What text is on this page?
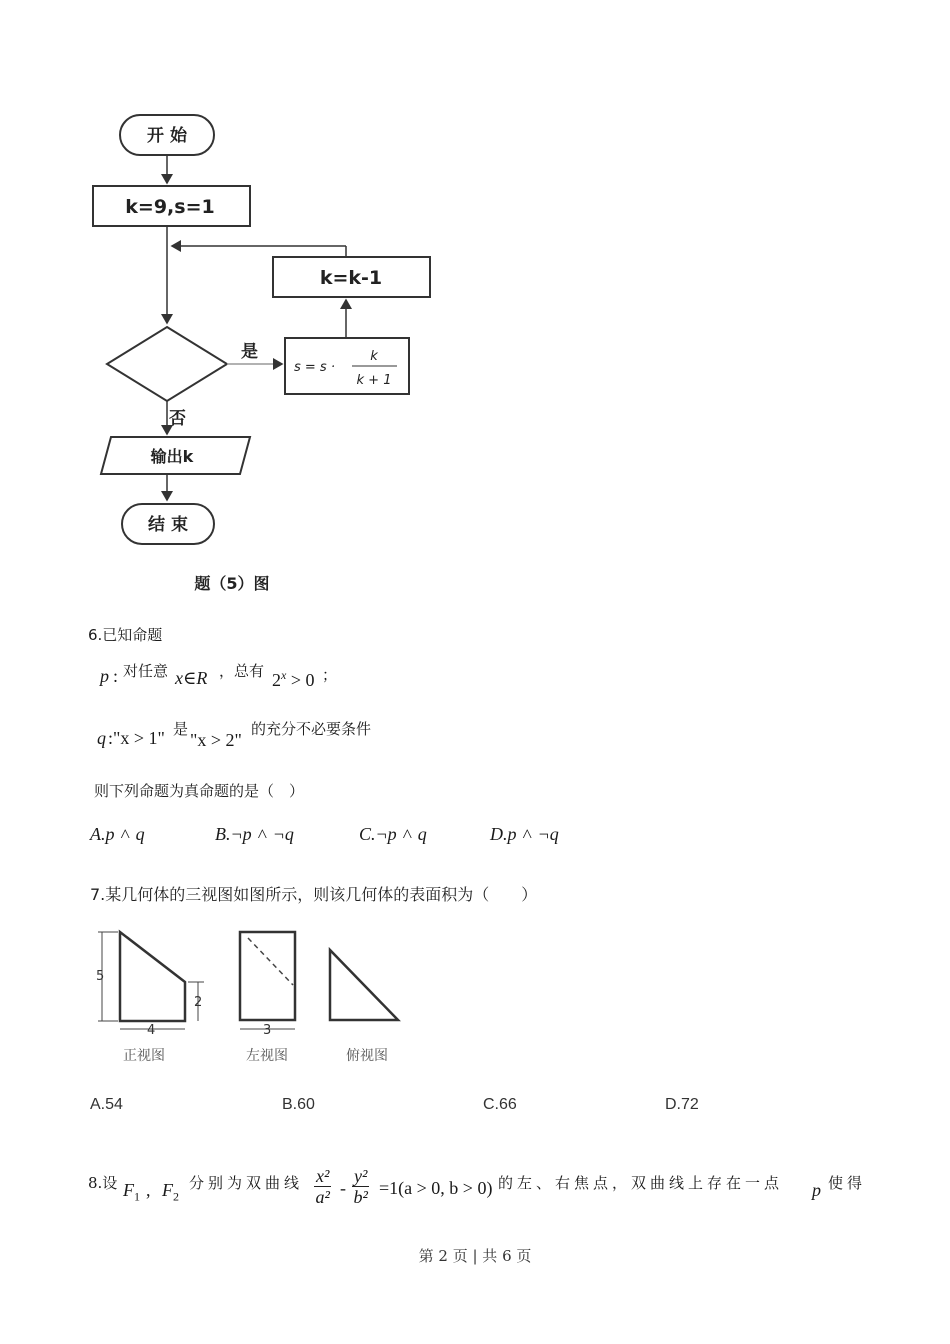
开 始
k=9,s=1
k=k-1
是
s = s ·
k
k + 1
否
输出k
结 束
题（5）图
6.已知命题
p : 对任意 x∈R ，总有 $2^x > 0$ ；
q :"x > 1" 是
"x > 2"
的充分不必要条件
则下列命题为真命题的是（　）
A.p ˄ q	B.¬p ˄ ¬q	C.¬p ˄ q	D.p ˄ ¬q
7.某几何体的三视图如图所示，则该几何体的表面积为（　　）
5
2
4
正视图
3
左视图	俯视图
A.54	B.60	C.66	D.72
8.设 $F_1$ , $F_2$
分别为双曲线 $\frac{\text{x²}}{\text{a²}} - \frac{\text{y²}}{\text{b²}} =1(a > 0$, b > 0) 的左、右焦点，双曲线上存在一点 p 使得
第 2 页 | 共 6 页
